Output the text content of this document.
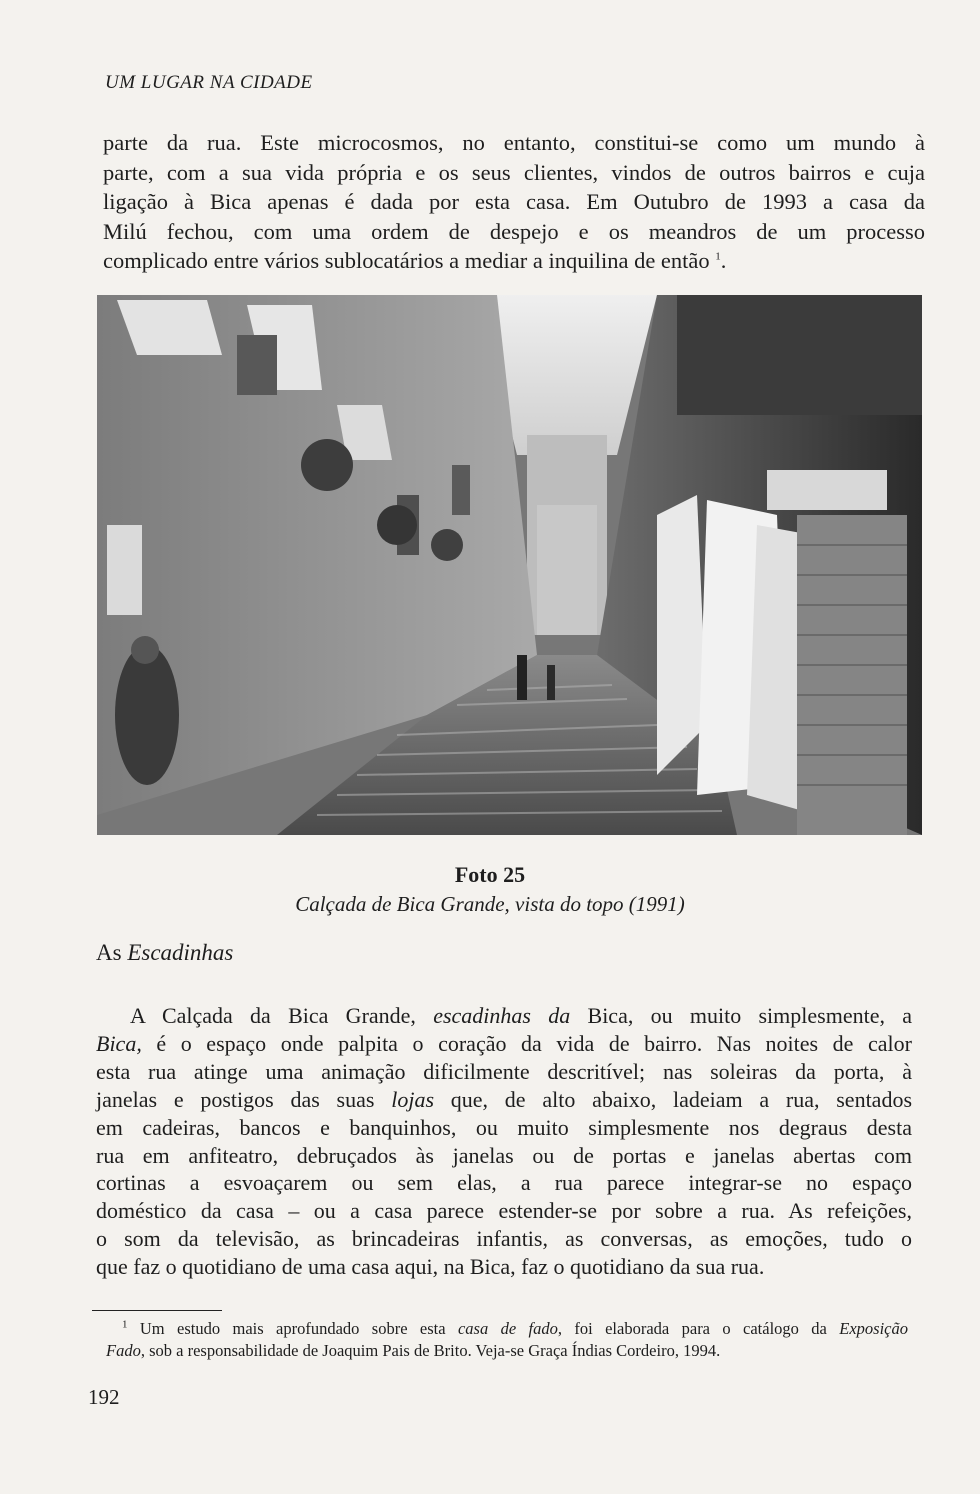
UM LUGAR NA CIDADE
parte da rua. Este microcosmos, no entanto, constitui-se como um mundo à
parte, com a sua vida própria e os seus clientes, vindos de outros bairros e cuja
ligação à Bica apenas é dada por esta casa. Em Outubro de 1993 a casa da
Milú fechou, com uma ordem de despejo e os meandros de um processo
complicado entre vários sublocatários a mediar a inquilina de então $^1$.
Foto 25
Calçada de Bica Grande, vista do topo (1991)
As Escadinhas
A Calçada da Bica Grande, escadinhas da Bica, ou muito simplesmente, a
Bica, é o espaço onde palpita o coração da vida de bairro. Nas noites de calor
esta rua atinge uma animação dificilmente descritível; nas soleiras da porta, à
janelas e postigos das suas lojas que, de alto abaixo, ladeiam a rua, sentados
em cadeiras, bancos e banquinhos, ou muito simplesmente nos degraus desta
rua em anfiteatro, debruçados às janelas ou de portas e janelas abertas com
cortinas a esvoaçarem ou sem elas, a rua parece integrar-se no espaço
doméstico da casa – ou a casa parece estender-se por sobre a rua. As refeições,
o som da televisão, as brincadeiras infantis, as conversas, as emoções, tudo o
que faz o quotidiano de uma casa aqui, na Bica, faz o quotidiano da sua rua.
$^1$ Um estudo mais aprofundado sobre esta casa de fado, foi elaborada para o catálogo da Exposição
Fado, sob a responsabilidade de Joaquim Pais de Brito. Veja-se Graça Índias Cordeiro, 1994.
192
